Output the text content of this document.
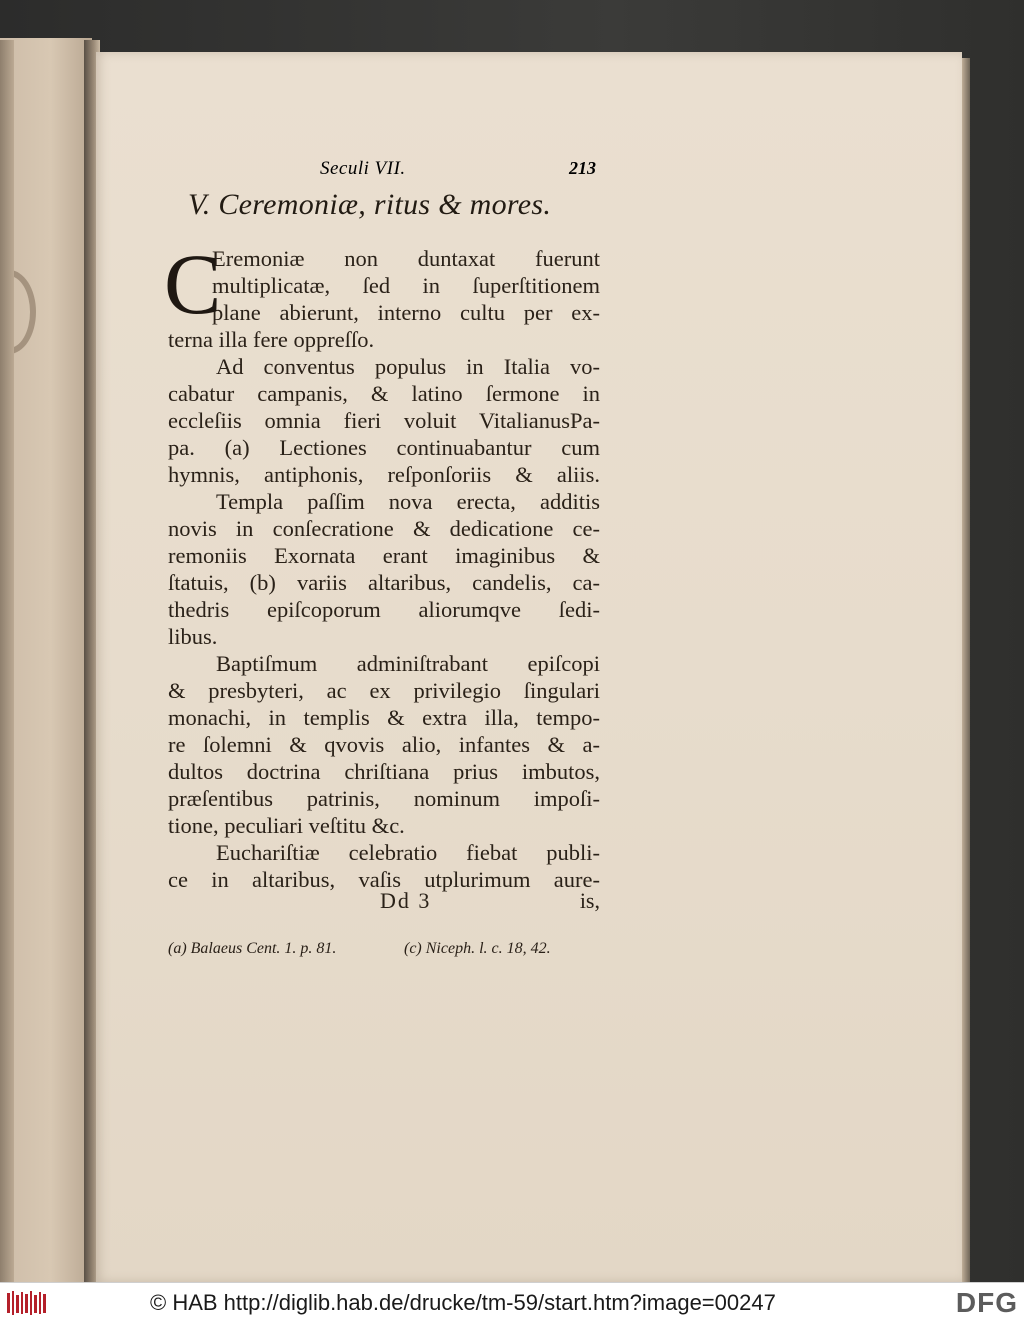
Seculi VII.	213
V. Ceremoniæ, ritus & mores.
C
Eremoniæ non duntaxat fuerunt
multiplicatæ, ſed in ſuperſtitionem
plane abierunt, interno cultu per ex-
terna illa fere oppreſſo.
Ad conventus populus in Italia vo-
cabatur campanis, & latino ſermone in
eccleſiis omnia fieri voluit VitalianusPa-
pa. (a) Lectiones continuabantur cum
hymnis, antiphonis, reſponſoriis & aliis.
Templa paſſim nova erecta, additis
novis in conſecratione & dedicatione ce-
remoniis Exornata erant imaginibus &
ſtatuis, (b) variis altaribus, candelis, ca-
thedris epiſcoporum aliorumqve ſedi-
libus.
Baptiſmum adminiſtrabant epiſcopi
& presbyteri, ac ex privilegio ſingulari
monachi, in templis & extra illa, tempo-
re ſolemni & qvovis alio, infantes & a-
dultos doctrina chriſtiana prius imbutos,
præſentibus patrinis, nominum impoſi-
tione, peculiari veſtitu &c.
Euchariſtiæ celebratio fiebat publi-
ce in altaribus, vaſis utplurimum aure-
Dd 3	is,
(a) Balaeus Cent. 1. p. 81.	(c) Niceph. l. c. 18, 42.
© HAB http://diglib.hab.de/drucke/tm-59/start.htm?image=00247	DFG
